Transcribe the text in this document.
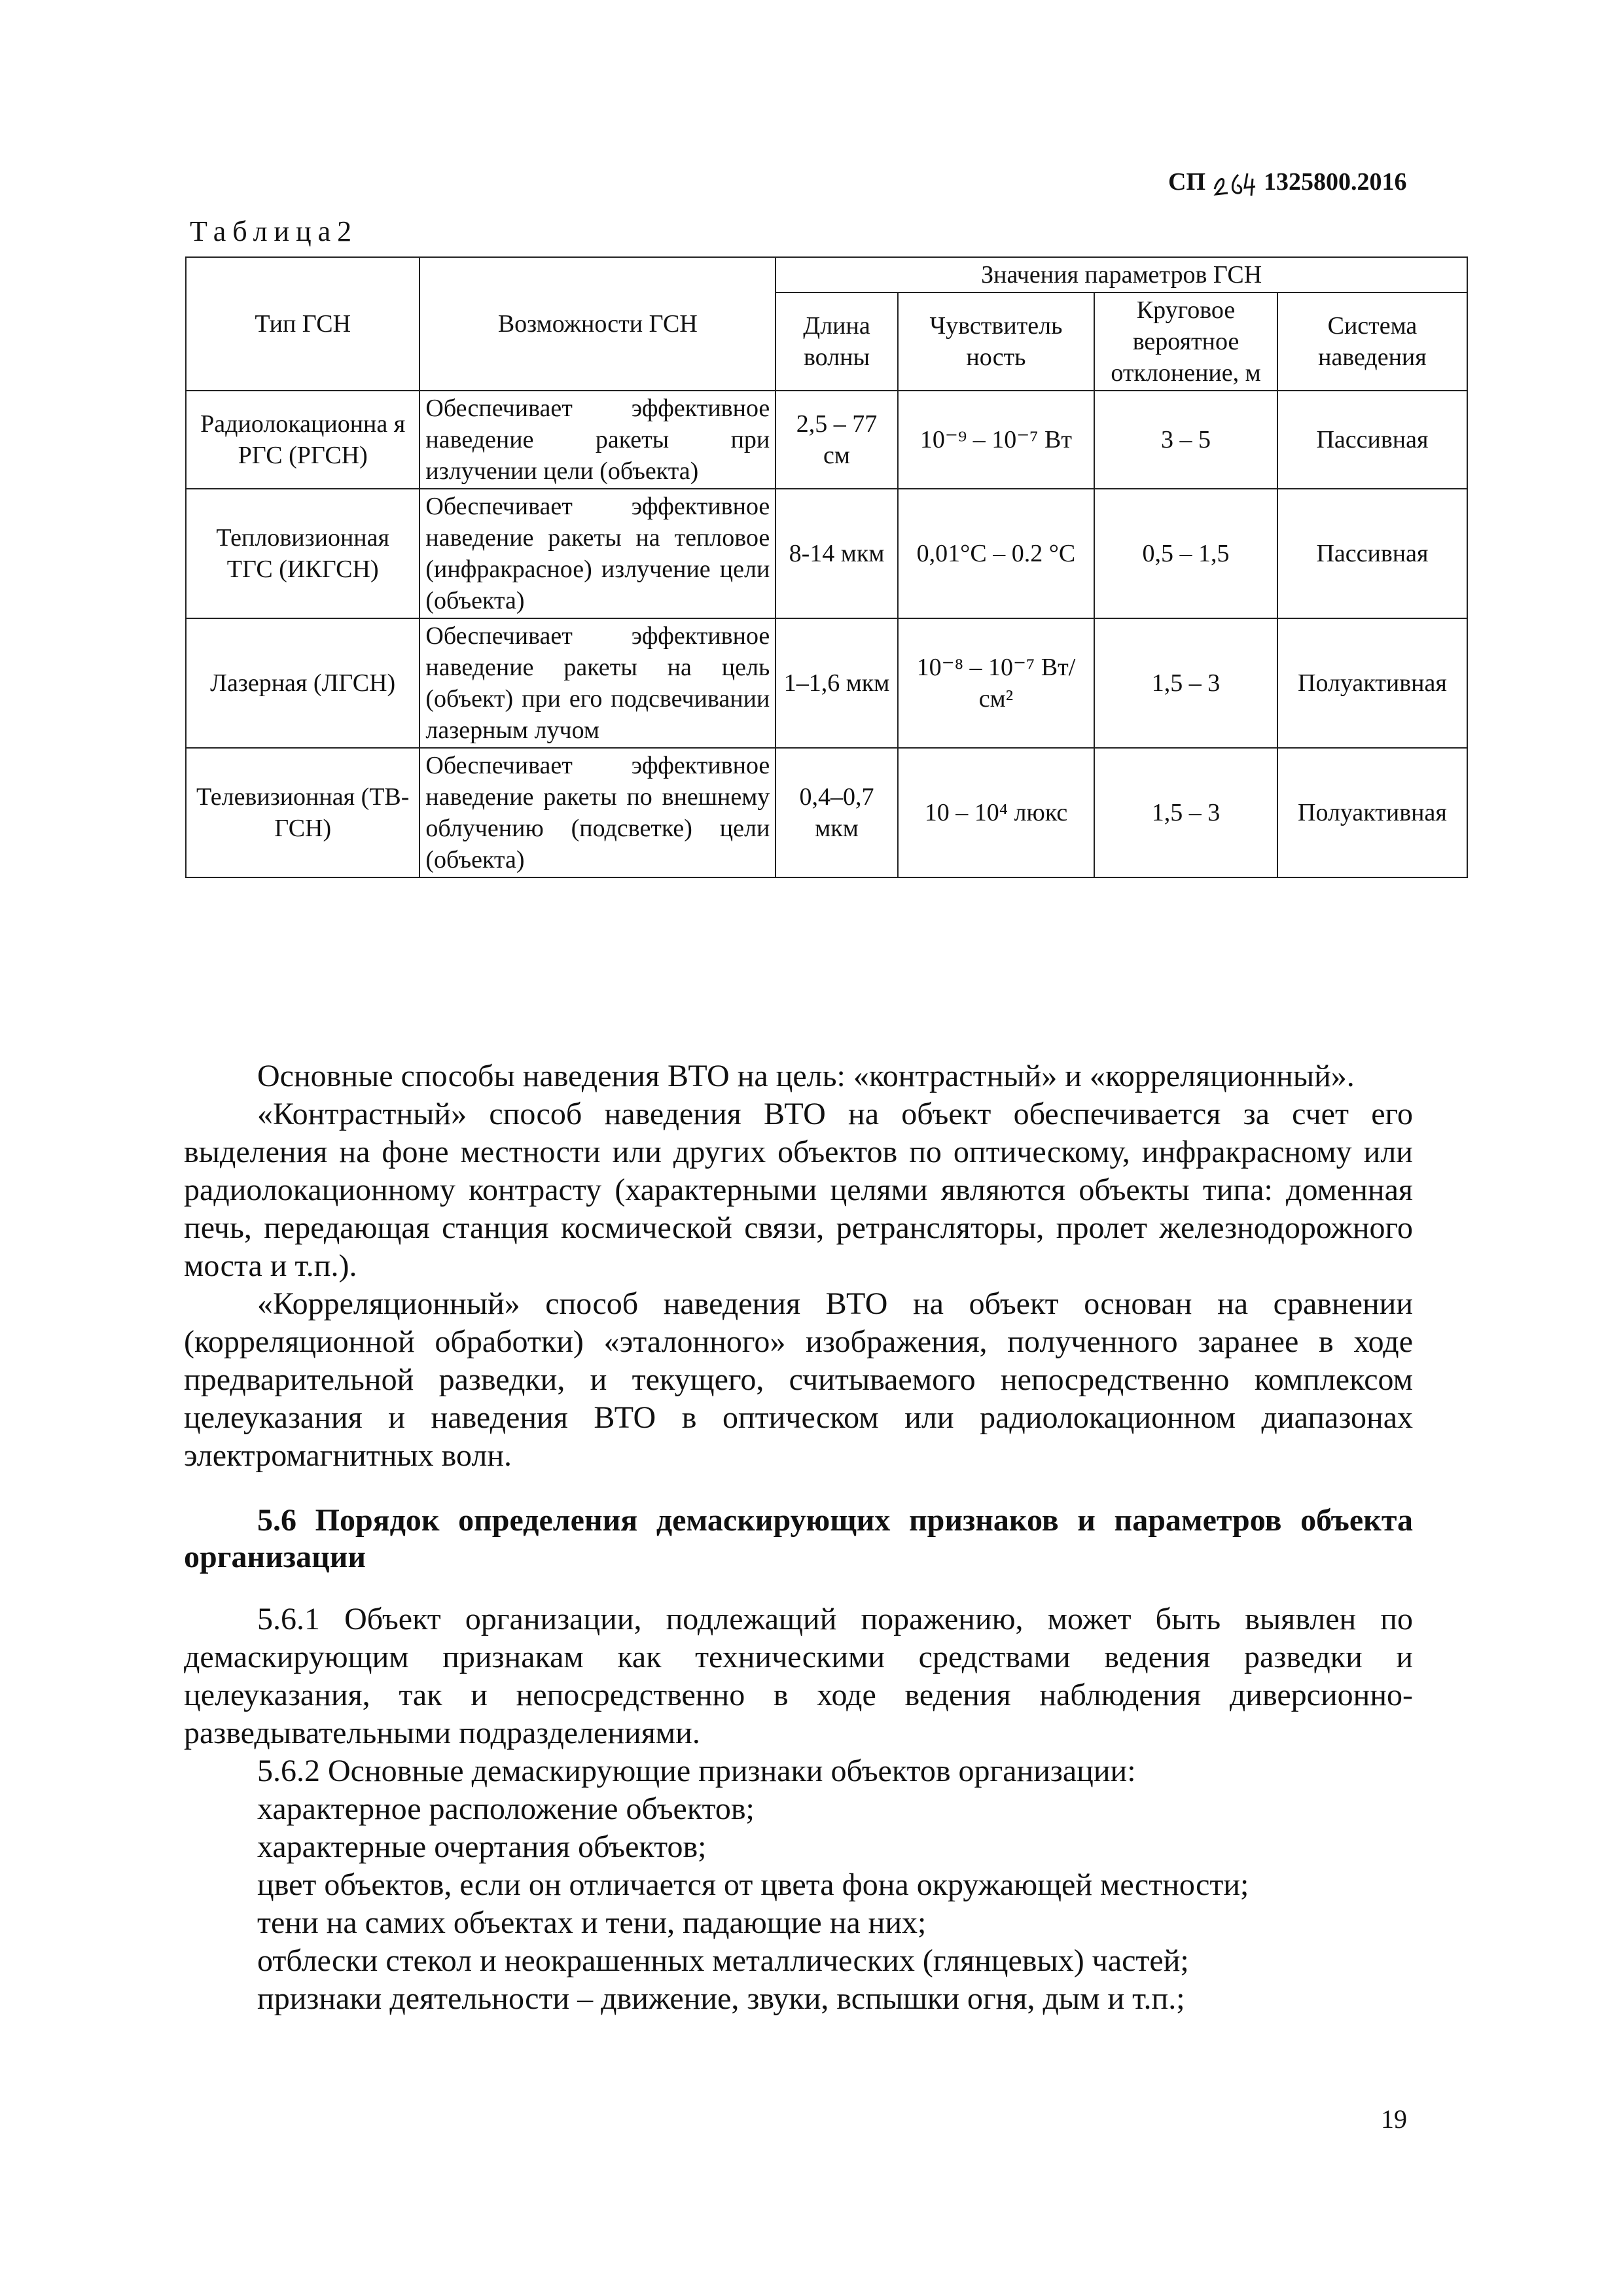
СП 1325800.2016
Таблица2
Тип ГСН	Возможности ГСН	Значения параметров ГСН			
		Длина волны	Чувствитель ность	Круговое вероятное отклонение, м	Система наведения
Радиолокационна я РГС (РГСН)	Обеспечивает эффективное наведение ракеты при излучении цели (объекта)	2,5 – 77 см	10⁻⁹ – 10⁻⁷ Вт	3 – 5	Пассивная
Тепловизионная ТГС (ИКГСН)	Обеспечивает эффективное наведение ракеты на тепловое (инфракрасное) излучение цели (объекта)	8-14 мкм	0,01°С – 0.2 °С	0,5 – 1,5	Пассивная
Лазерная (ЛГСН)	Обеспечивает эффективное наведение ракеты на цель (объект) при его подсвечивании лазерным лучом	1–1,6 мкм	10⁻⁸ – 10⁻⁷ Вт/см²	1,5 – 3	Полуактивная
Телевизионная (ТВ-ГСН)	Обеспечивает эффективное наведение ракеты по внешнему облучению (подсветке) цели (объекта)	0,4–0,7 мкм	10 – 10⁴ люкс	1,5 – 3	Полуактивная

Основные способы наведения ВТО на цель: «контрастный» и «корреляционный».

«Контрастный» способ наведения ВТО на объект обеспечивается за счет его выделения на фоне местности или других объектов по оптическому, инфракрасному или радиолокационному контрасту (характерными целями являются объекты типа: доменная печь, передающая станция космической связи, ретрансляторы, пролет железнодорожного моста и т.п.).

«Корреляционный» способ наведения ВТО на объект основан на сравнении (корреляционной обработки) «эталонного» изображения, полученного заранее в ходе предварительной разведки, и текущего, считываемого непосредственно комплексом целеуказания и наведения ВТО в оптическом или радиолокационном диапазонах электромагнитных волн.

5.6 Порядок определения демаскирующих признаков и параметров объекта организации

5.6.1 Объект организации, подлежащий поражению, может быть выявлен по демаскирующим признакам как техническими средствами ведения разведки и целеуказания, так и непосредственно в ходе ведения наблюдения диверсионно-разведывательными подразделениями.

5.6.2 Основные демаскирующие признаки объектов организации:

характерное расположение объектов;

характерные очертания объектов;

цвет объектов, если он отличается от цвета фона окружающей местности;

тени на самих объектах и тени, падающие на них;

отблески стекол и неокрашенных металлических (глянцевых) частей;

признаки деятельности – движение, звуки, вспышки огня, дым и т.п.;

19
